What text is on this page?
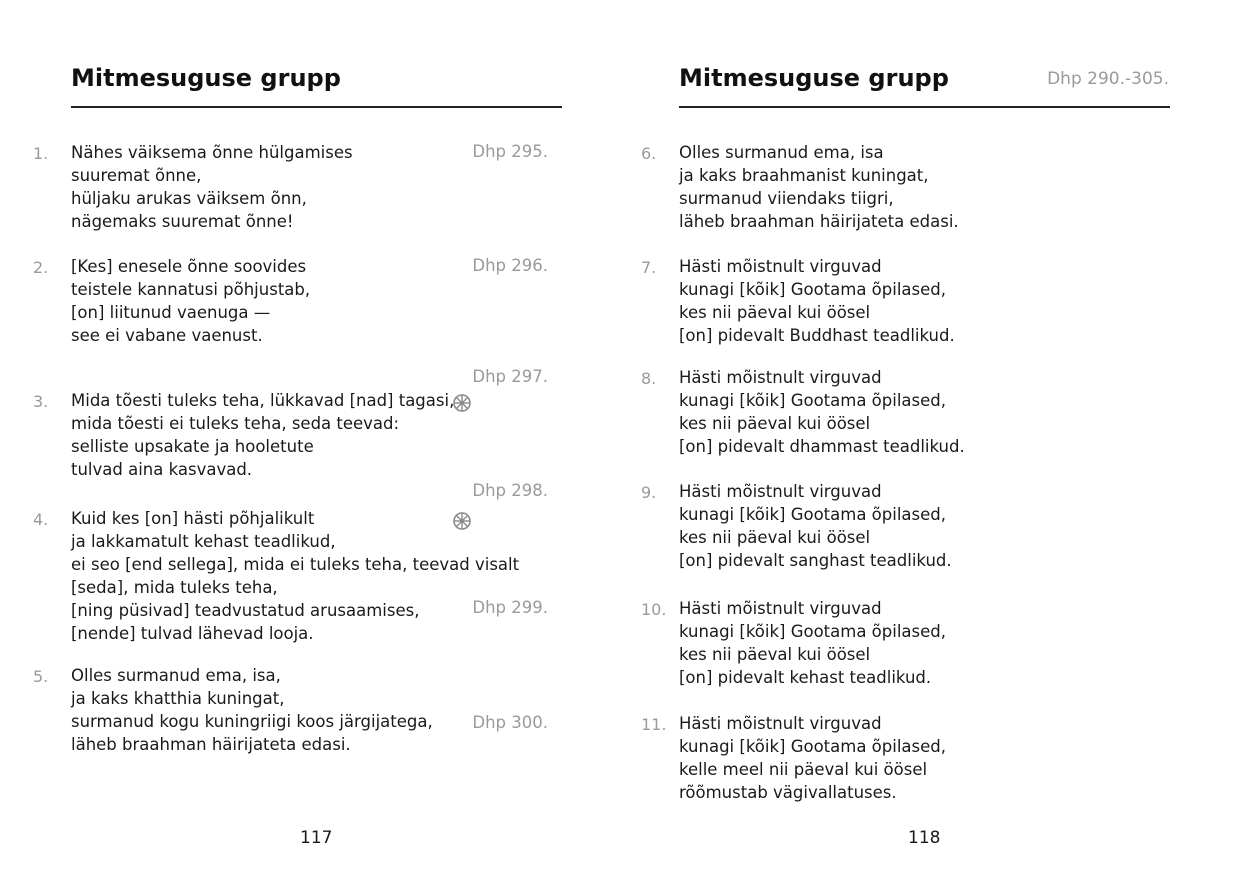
Mitmesuguse grupp
1. Nähes väiksema õnne hülgamises
suuremat õnne,
hüljaku arukas väiksem õnn,
nägemaks suuremat õnne!
2. [Kes] enesele õnne soovides
teistele kannatusi põhjustab,
[on] liitunud vaenuga —
see ei vabane vaenust.
3. Mida tõesti tuleks teha, lükkavad [nad] tagasi,
mida tõesti ei tuleks teha, seda teevad:
selliste upsakate ja hooletute
tulvad aina kasvavad.
4. Kuid kes [on] hästi põhjalikult
ja lakkamatult kehast teadlikud,
ei seo [end sellega], mida ei tuleks teha, teevad visalt
[seda], mida tuleks teha,
[ning püsivad] teadvustatud arusaamises,
[nende] tulvad lähevad looja.
5. Olles surmanud ema, isa,
ja kaks khatthia kuningat,
surmanud kogu kuningriigi koos järgijatega,
läheb braahman häirijateta edasi.
117
Mitmesuguse grupp	Dhp 290.-305.
6. Olles surmanud ema, isa
ja kaks braahmanist kuningat,
surmanud viiendaks tiigri,
läheb braahman häirijateta edasi.
Dhp 295.
7. Hästi mõistnult virguvad
kunagi [kõik] Gootama õpilased,
kes nii päeval kui öösel
[on] pidevalt Buddhast teadlikud.
Dhp 296.
8. Hästi mõistnult virguvad
kunagi [kõik] Gootama õpilased,
kes nii päeval kui öösel
[on] pidevalt dhammast teadlikud.
Dhp 297.
9. Hästi mõistnult virguvad
kunagi [kõik] Gootama õpilased,
kes nii päeval kui öösel
[on] pidevalt sanghast teadlikud.
Dhp 298.
10. Hästi mõistnult virguvad
kunagi [kõik] Gootama õpilased,
kes nii päeval kui öösel
[on] pidevalt kehast teadlikud.
Dhp 299.
11. Hästi mõistnult virguvad
kunagi [kõik] Gootama õpilased,
kelle meel nii päeval kui öösel
rõõmustab vägivallatuses.
Dhp 300.
118
